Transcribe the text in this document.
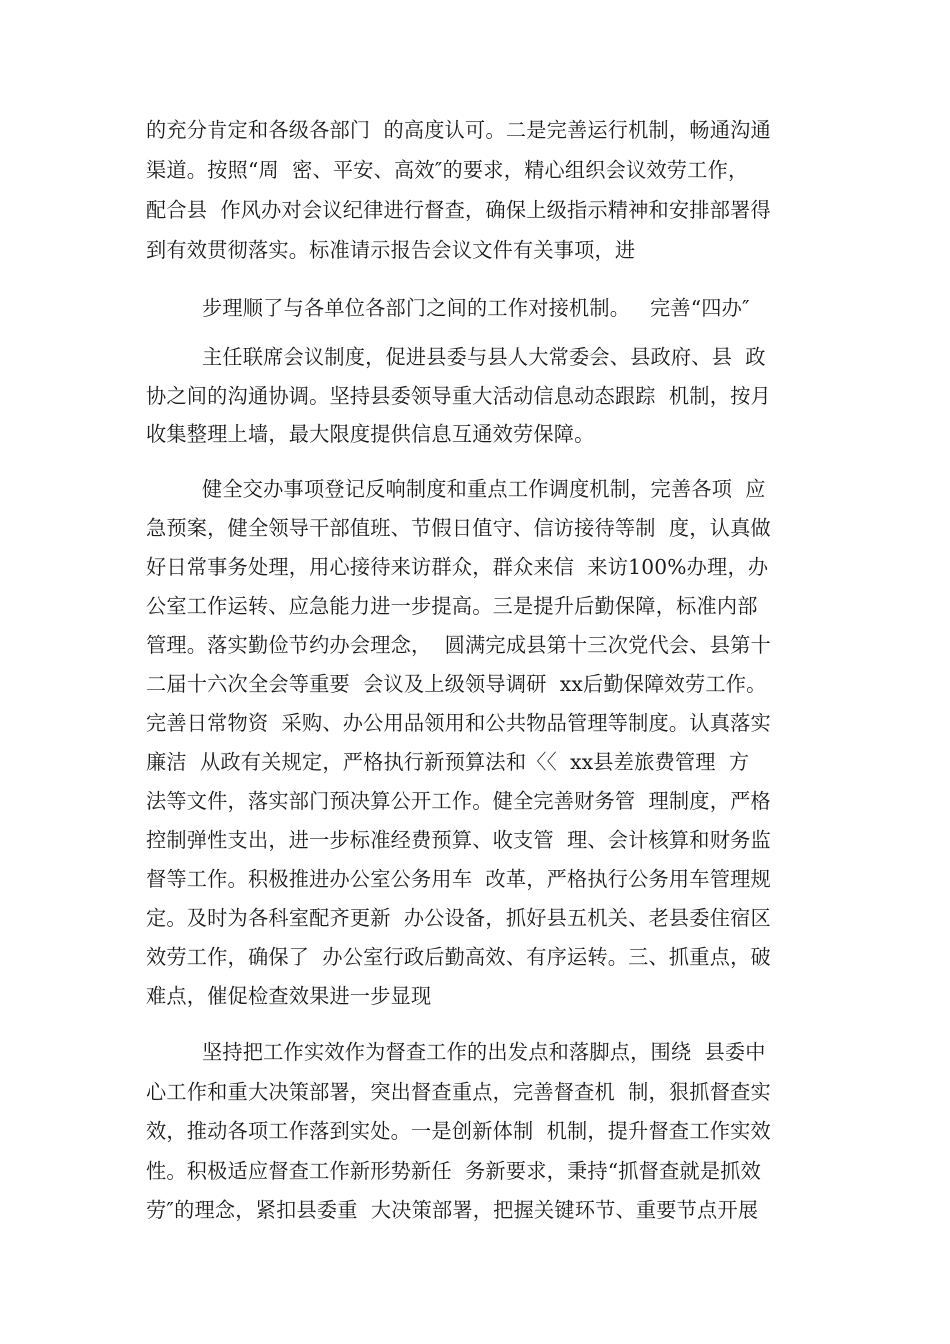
的充分肯定和各级各部门  的高度认可。二是完善运行机制，畅通沟通
渠道。按照“周  密、平安、高效″的要求，精心组织会议效劳工作，
配合县  作风办对会议纪律进行督查，确保上级指示精神和安排部署得
到有效贯彻落实。标准请示报告会议文件有关事项，进
步理顺了与各单位各部门之间的工作对接机制。   完善“四办″
主任联席会议制度，促进县委与县人大常委会、县政府、县  政
协之间的沟通协调。坚持县委领导重大活动信息动态跟踪  机制，按月
收集整理上墙，最大限度提供信息互通效劳保障。
健全交办事项登记反响制度和重点工作调度机制，完善各项  应
急预案，健全领导干部值班、节假日值守、信访接待等制  度，认真做
好日常事务处理，用心接待来访群众，群众来信  来访100%办理，办
公室工作运转、应急能力进一步提高。三是提升后勤保障，标准内部
管理。落实勤俭节约办会理念，  圆满完成县第十三次党代会、县第十
二届十六次全会等重要  会议及上级领导调研  xx后勤保障效劳工作。
完善日常物资  采购、办公用品领用和公共物品管理等制度。认真落实
廉洁  从政有关规定，严格执行新预算法和〈〈  xx县差旅费管理  方
法等文件，落实部门预决算公开工作。健全完善财务管  理制度，严格
控制弹性支出，进一步标准经费预算、收支管  理、会计核算和财务监
督等工作。积极推进办公室公务用车  改革，严格执行公务用车管理规
定。及时为各科室配齐更新  办公设备，抓好县五机关、老县委住宿区
效劳工作，确保了  办公室行政后勤高效、有序运转。三、抓重点，破
难点，催促检查效果进一步显现
坚持把工作实效作为督查工作的出发点和落脚点，围绕  县委中
心工作和重大决策部署，突出督查重点，完善督查机  制，狠抓督查实
效，推动各项工作落到实处。一是创新体制  机制，提升督查工作实效
性。积极适应督查工作新形势新任  务新要求，秉持“抓督查就是抓效
劳″的理念，紧扣县委重  大决策部署，把握关键环节、重要节点开展
